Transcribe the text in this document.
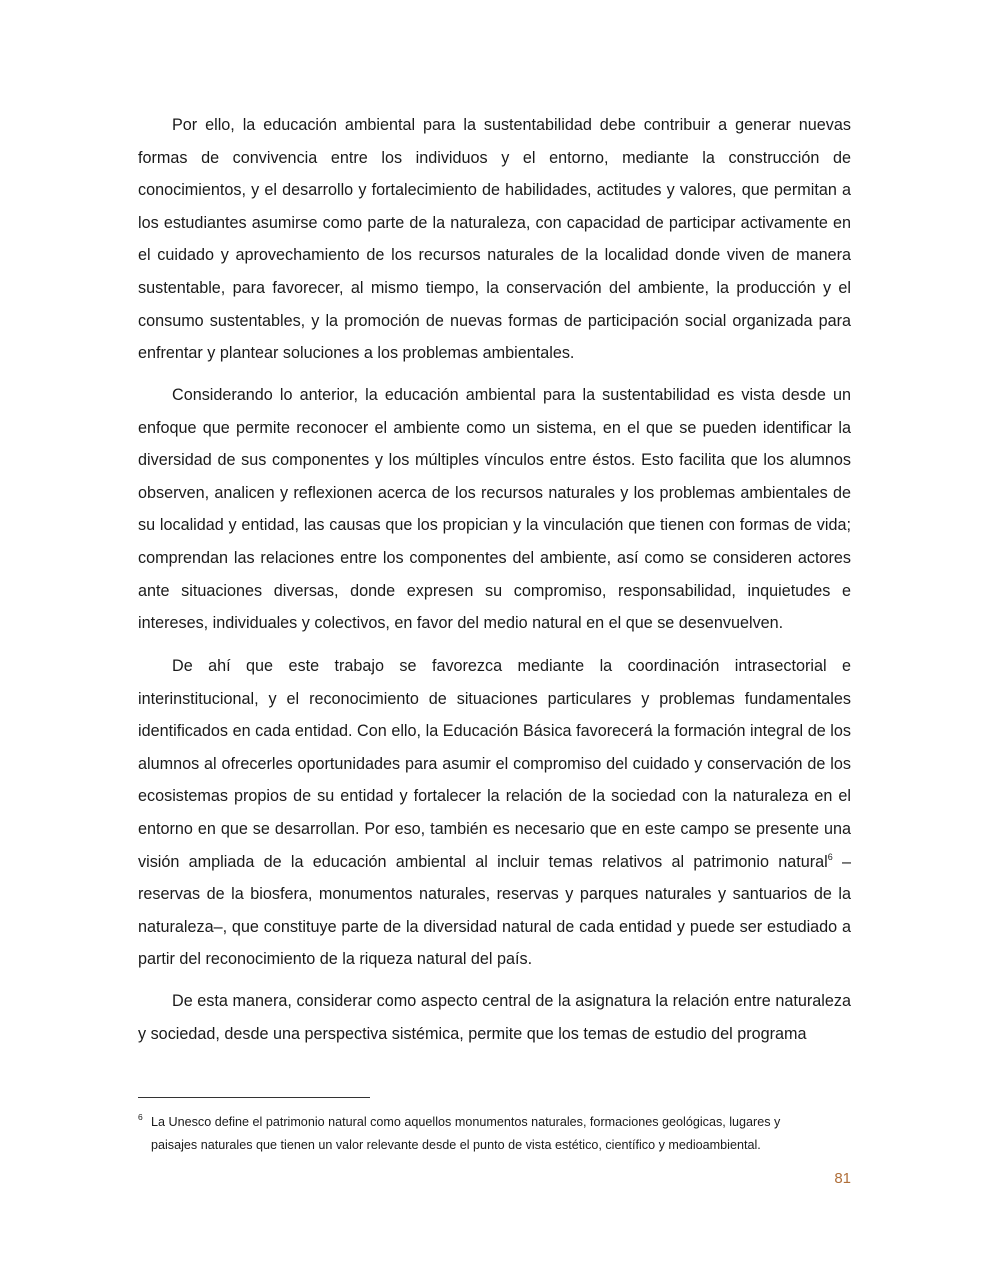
Por ello, la educación ambiental para la sustentabilidad debe contribuir a generar nuevas formas de convivencia entre los individuos y el entorno, mediante la construcción de conocimientos, y el desarrollo y fortalecimiento de habilidades, actitudes y valores, que permitan a los estudiantes asumirse como parte de la naturaleza, con capacidad de participar activamente en el cuidado y aprovechamiento de los recursos naturales de la localidad donde viven de manera sustentable, para favorecer, al mismo tiempo, la conservación del ambiente, la producción y el consumo sustentables, y la promoción de nuevas formas de participación social organizada para enfrentar y plantear soluciones a los problemas ambientales.

Considerando lo anterior, la educación ambiental para la sustentabilidad es vista desde un enfoque que permite reconocer el ambiente como un sistema, en el que se pueden identificar la diversidad de sus componentes y los múltiples vínculos entre éstos. Esto facilita que los alumnos observen, analicen y reflexionen acerca de los recursos naturales y los problemas ambientales de su localidad y entidad, las causas que los propician y la vinculación que tienen con formas de vida; comprendan las relaciones entre los componentes del ambiente, así como se consideren actores ante situaciones diversas, donde expresen su compromiso, responsabilidad, inquietudes e intereses, individuales y colectivos, en favor del medio natural en el que se desenvuelven.

De ahí que este trabajo se favorezca mediante la coordinación intrasectorial e interinstitucional, y el reconocimiento de situaciones particulares y problemas fundamentales identificados en cada entidad. Con ello, la Educación Básica favorecerá la formación integral de los alumnos al ofrecerles oportunidades para asumir el compromiso del cuidado y conservación de los ecosistemas propios de su entidad y fortalecer la relación de la sociedad con la naturaleza en el entorno en que se desarrollan. Por eso, también es necesario que en este campo se presente una visión ampliada de la educación ambiental al incluir temas relativos al patrimonio natural$^6$ – reservas de la biosfera, monumentos naturales, reservas y parques naturales y santuarios de la naturaleza–, que constituye parte de la diversidad natural de cada entidad y puede ser estudiado a partir del reconocimiento de la riqueza natural del país.

De esta manera, considerar como aspecto central de la asignatura la relación entre naturaleza y sociedad, desde una perspectiva sistémica, permite que los temas de estudio del programa

6 La Unesco define el patrimonio natural como aquellos monumentos naturales, formaciones geológicas, lugares y
paisajes naturales que tienen un valor relevante desde el punto de vista estético, científico y medioambiental.
81
